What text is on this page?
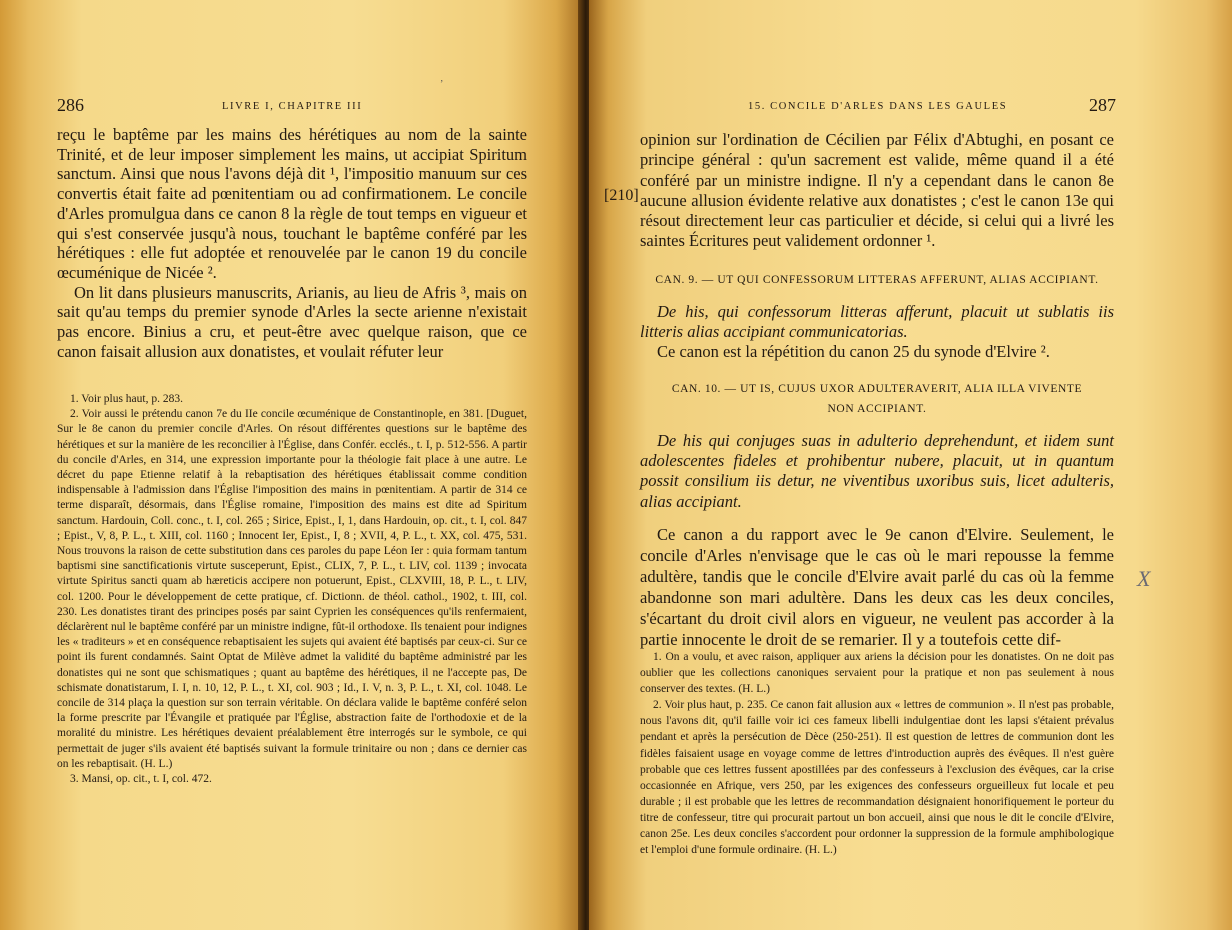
286	LIVRE I, CHAPITRE III
ʼ

reçu le baptême par les mains des hérétiques au nom de la sainte Trinité, et de leur imposer simplement les mains, ut accipiat Spiritum sanctum. Ainsi que nous l'avons déjà dit ¹, l'impositio manuum sur ces convertis était faite ad pœnitentiam ou ad confirmationem. Le concile d'Arles promulgua dans ce canon 8 la règle de tout temps en vigueur et qui s'est conservée jusqu'à nous, touchant le baptême conféré par les hérétiques : elle fut adoptée et renouvelée par le canon 19 du concile œcuménique de Nicée ².

On lit dans plusieurs manuscrits, Arianis, au lieu de Afris ³, mais on sait qu'au temps du premier synode d'Arles la secte arienne n'existait pas encore. Binius a cru, et peut-être avec quelque raison, que ce canon faisait allusion aux donatistes, et voulait réfuter leur

1. Voir plus haut, p. 283.

2. Voir aussi le prétendu canon 7e du IIe concile œcuménique de Constantinople, en 381. [Duguet, Sur le 8e canon du premier concile d'Arles. On résout différentes questions sur le baptême des hérétiques et sur la manière de les reconcilier à l'Église, dans Confér. ecclés., t. I, p. 512-556. A partir du concile d'Arles, en 314, une expression importante pour la théologie fait place à une autre. Le décret du pape Etienne relatif à la rebaptisation des hérétiques établissait comme condition indispensable à l'admission dans l'Église l'imposition des mains in pœnitentiam. A partir de 314 ce terme disparaît, désormais, dans l'Église romaine, l'imposition des mains est dite ad Spiritum sanctum. Hardouin, Coll. conc., t. I, col. 265 ; Sirice, Epist., I, 1, dans Hardouin, op. cit., t. I, col. 847 ; Epist., V, 8, P. L., t. XIII, col. 1160 ; Innocent Ier, Epist., I, 8 ; XVII, 4, P. L., t. XX, col. 475, 531. Nous trouvons la raison de cette substitution dans ces paroles du pape Léon Ier : quia formam tantum baptismi sine sanctificationis virtute susceperunt, Epist., CLIX, 7, P. L., t. LIV, col. 1139 ; invocata virtute Spiritus sancti quam ab hæreticis accipere non potuerunt, Epist., CLXVIII, 18, P. L., t. LIV, col. 1200. Pour le développement de cette pratique, cf. Dictionn. de théol. cathol., 1902, t. III, col. 230. Les donatistes tirant des principes posés par saint Cyprien les conséquences qu'ils renfermaient, déclarèrent nul le baptême conféré par un ministre indigne, fût-il orthodoxe. Ils tenaient pour indignes les « traditeurs » et en conséquence rebaptisaient les sujets qui avaient été baptisés par ceux-ci. Sur ce point ils furent condamnés. Saint Optat de Milève admet la validité du baptême administré par les donatistes qui ne sont que schismatiques ; quant au baptême des hérétiques, il ne l'accepte pas, De schismate donatistarum, I. I, n. 10, 12, P. L., t. XI, col. 903 ; Id., I. V, n. 3, P. L., t. XI, col. 1048. Le concile de 314 plaça la question sur son terrain véritable. On déclara valide le baptême conféré selon la forme prescrite par l'Évangile et pratiquée par l'Église, abstraction faite de l'orthodoxie et de la moralité du ministre. Les hérétiques devaient préalablement être interrogés sur le symbole, ce qui permettait de juger s'ils avaient été baptisés suivant la formule trinitaire ou non ; dans ce dernier cas on les rebaptisait. (H. L.)

3. Mansi, op. cit., t. I, col. 472.

15. CONCILE D'ARLES DANS LES GAULES	287
[210]

opinion sur l'ordination de Cécilien par Félix d'Abtughi, en posant ce principe général : qu'un sacrement est valide, même quand il a été conféré par un ministre indigne. Il n'y a cependant dans le canon 8e aucune allusion évidente relative aux donatistes ; c'est le canon 13e qui résout directement leur cas particulier et décide, si celui qui a livré les saintes Écritures peut validement ordonner ¹.

CAN. 9. — UT QUI CONFESSORUM LITTERAS AFFERUNT, ALIAS ACCIPIANT.

De his, qui confessorum litteras afferunt, placuit ut sublatis iis litteris alias accipiant communicatorias.

Ce canon est la répétition du canon 25 du synode d'Elvire ².

CAN. 10. — UT IS, CUJUS UXOR ADULTERAVERIT, ALIA ILLA VIVENTE
NON ACCIPIANT.

De his qui conjuges suas in adulterio deprehendunt, et iidem sunt adolescentes fideles et prohibentur nubere, placuit, ut in quantum possit consilium iis detur, ne viventibus uxoribus suis, licet adulteris, alias accipiant.

Ce canon a du rapport avec le 9e canon d'Elvire. Seulement, le concile d'Arles n'envisage que le cas où le mari repousse la femme adultère, tandis que le concile d'Elvire avait parlé du cas où la femme abandonne son mari adultère. Dans les deux cas les deux conciles, s'écartant du droit civil alors en vigueur, ne veulent pas accorder à la partie innocente le droit de se remarier. Il y a toutefois cette dif-

X

1. On a voulu, et avec raison, appliquer aux ariens la décision pour les donatistes. On ne doit pas oublier que les collections canoniques servaient pour la pratique et non pas seulement à nous conserver des textes. (H. L.)

2. Voir plus haut, p. 235. Ce canon fait allusion aux « lettres de communion ». Il n'est pas probable, nous l'avons dit, qu'il faille voir ici ces fameux libelli indulgentiae dont les lapsi s'étaient prévalus pendant et après la persécution de Dèce (250-251). Il est question de lettres de communion dont les fidèles faisaient usage en voyage comme de lettres d'introduction auprès des évêques. Il n'est guère probable que ces lettres fussent apostillées par des confesseurs à l'exclusion des évêques, car la crise occasionnée en Afrique, vers 250, par les exigences des confesseurs orgueilleux fut locale et peu durable ; il est probable que les lettres de recommandation désignaient honorifiquement le porteur du titre de confesseur, titre qui procurait partout un bon accueil, ainsi que nous le dit le concile d'Elvire, canon 25e. Les deux conciles s'accordent pour ordonner la suppression de la formule amphibologique et l'emploi d'une formule ordinaire. (H. L.)
